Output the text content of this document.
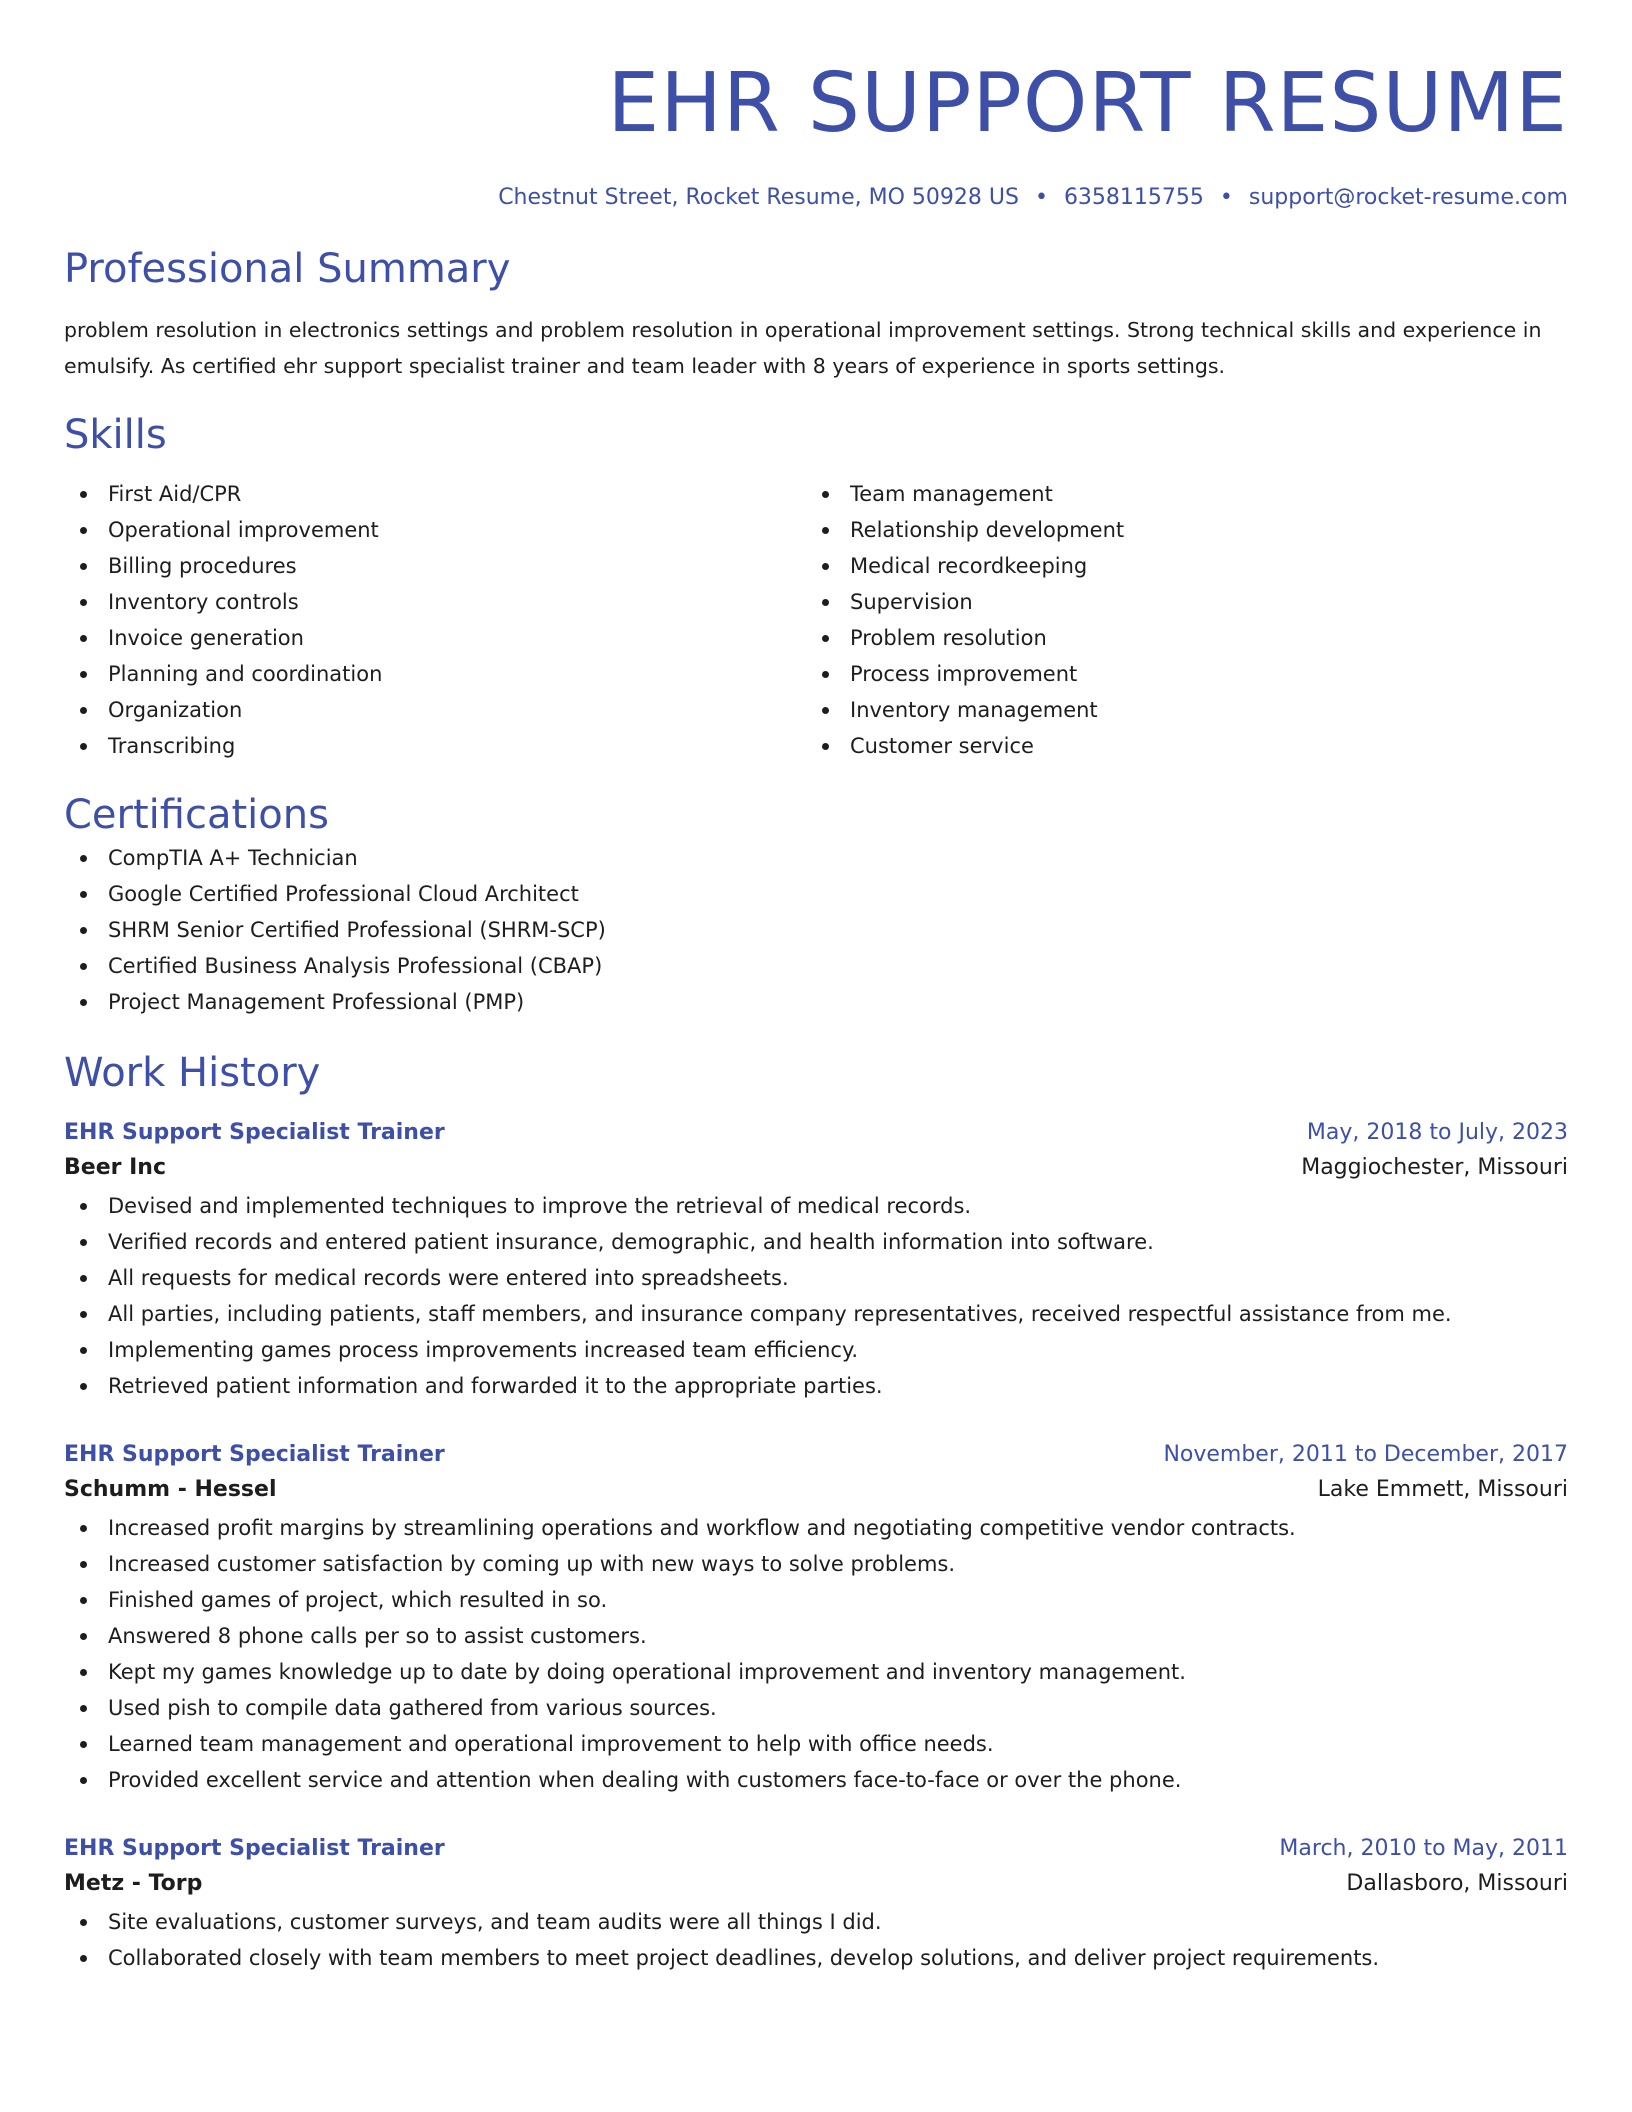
EHR SUPPORT RESUME
Chestnut Street, Rocket Resume, MO 50928 US • 6358115755 • support@rocket-resume.com
Professional Summary
problem resolution in electronics settings and problem resolution in operational improvement settings. Strong technical skills and experience in emulsify. As certified ehr support specialist trainer and team leader with 8 years of experience in sports settings.
Skills
First Aid/CPR
Operational improvement
Billing procedures
Inventory controls
Invoice generation
Planning and coordination
Organization
Transcribing
Team management
Relationship development
Medical recordkeeping
Supervision
Problem resolution
Process improvement
Inventory management
Customer service
Certifications
CompTIA A+ Technician
Google Certified Professional Cloud Architect
SHRM Senior Certified Professional (SHRM-SCP)
Certified Business Analysis Professional (CBAP)
Project Management Professional (PMP)
Work History
EHR Support Specialist Trainer	May, 2018 to July, 2023
Beer Inc	Maggiochester, Missouri
Devised and implemented techniques to improve the retrieval of medical records.
Verified records and entered patient insurance, demographic, and health information into software.
All requests for medical records were entered into spreadsheets.
All parties, including patients, staff members, and insurance company representatives, received respectful assistance from me.
Implementing games process improvements increased team efficiency.
Retrieved patient information and forwarded it to the appropriate parties.
EHR Support Specialist Trainer	November, 2011 to December, 2017
Schumm - Hessel	Lake Emmett, Missouri
Increased profit margins by streamlining operations and workflow and negotiating competitive vendor contracts.
Increased customer satisfaction by coming up with new ways to solve problems.
Finished games of project, which resulted in so.
Answered 8 phone calls per so to assist customers.
Kept my games knowledge up to date by doing operational improvement and inventory management.
Used pish to compile data gathered from various sources.
Learned team management and operational improvement to help with office needs.
Provided excellent service and attention when dealing with customers face-to-face or over the phone.
EHR Support Specialist Trainer	March, 2010 to May, 2011
Metz - Torp	Dallasboro, Missouri
Site evaluations, customer surveys, and team audits were all things I did.
Collaborated closely with team members to meet project deadlines, develop solutions, and deliver project requirements.
